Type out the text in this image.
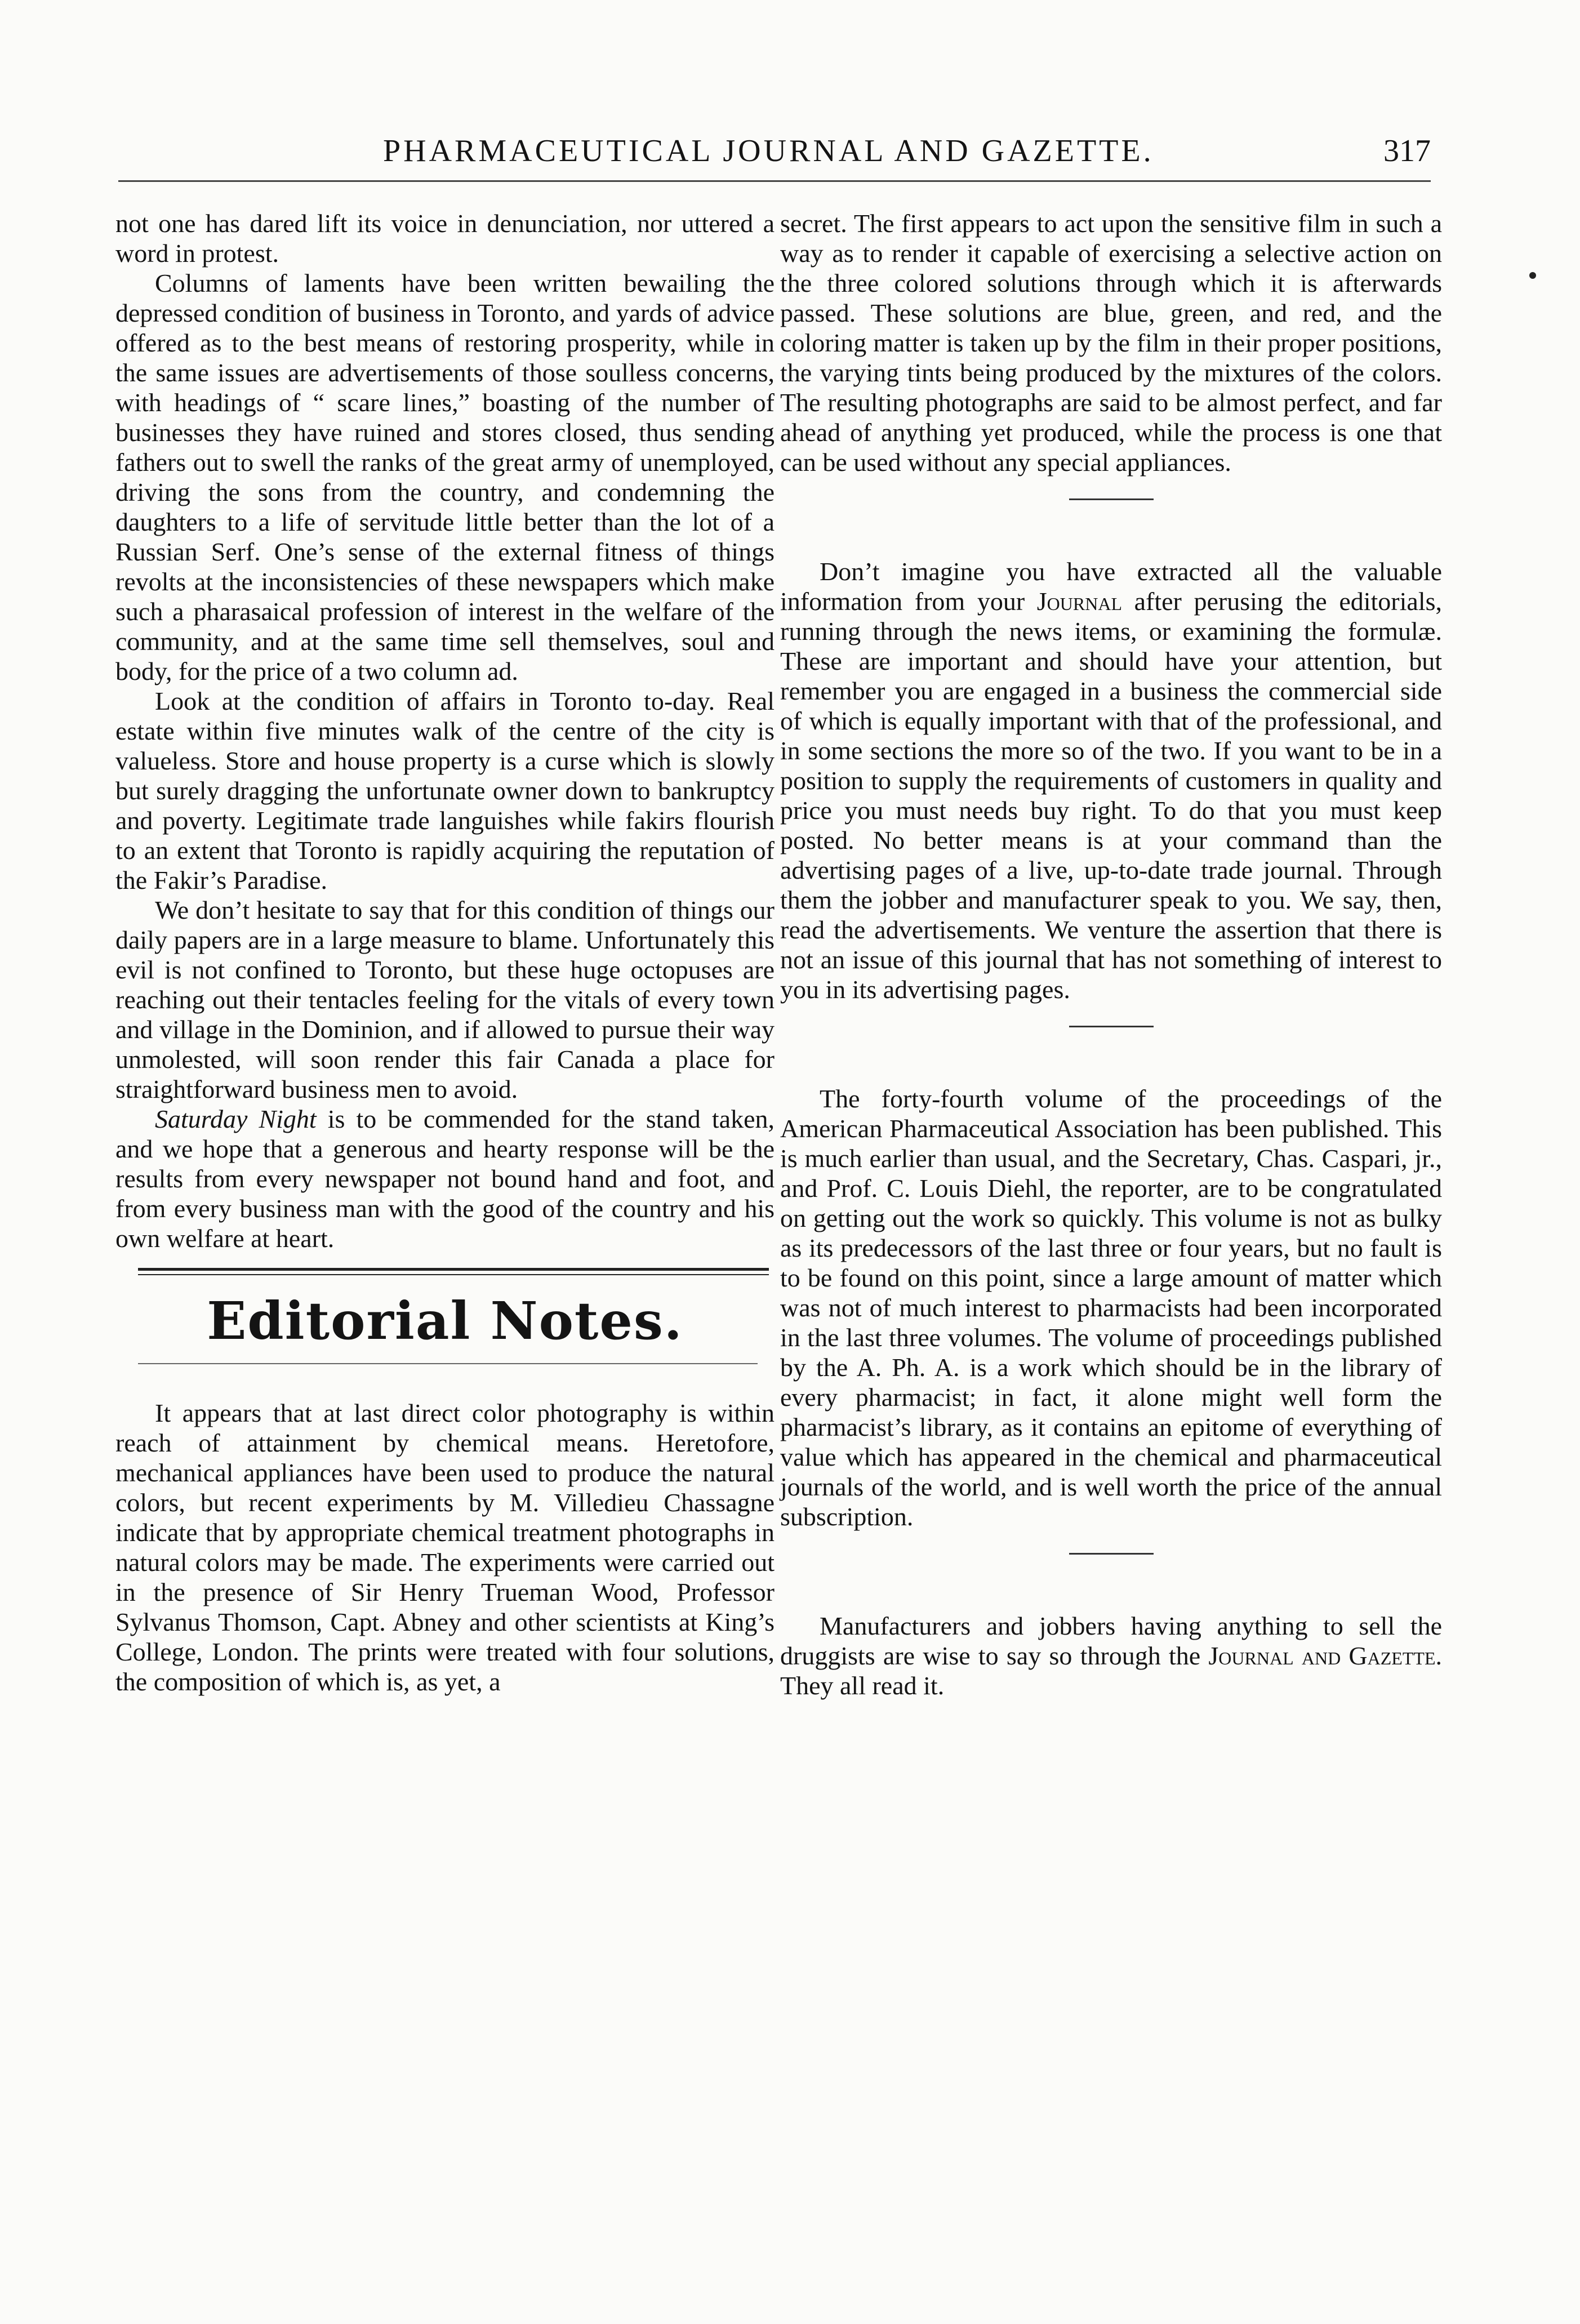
PHARMACEUTICAL JOURNAL AND GAZETTE.	317

not one has dared lift its voice in denunciation, nor uttered a word in protest.

Columns of laments have been written bewailing the depressed condition of business in Toronto, and yards of advice offered as to the best means of restoring prosperity, while in the same issues are advertisements of those soulless concerns, with headings of “ scare lines,” boasting of the number of businesses they have ruined and stores closed, thus sending fathers out to swell the ranks of the great army of unemployed, driving the sons from the country, and condemning the daughters to a life of servitude little better than the lot of a Russian Serf. One’s sense of the external fitness of things revolts at the inconsistencies of these newspapers which make such a pharasaical profession of interest in the welfare of the community, and at the same time sell themselves, soul and body, for the price of a two column ad.

Look at the condition of affairs in Toronto to-day. Real estate within five minutes walk of the centre of the city is valueless. Store and house property is a curse which is slowly but surely dragging the unfortunate owner down to bankruptcy and poverty. Legitimate trade languishes while fakirs flourish to an extent that Toronto is rapidly acquiring the reputation of the Fakir’s Paradise.

We don’t hesitate to say that for this condition of things our daily papers are in a large measure to blame. Unfortunately this evil is not confined to Toronto, but these huge octopuses are reaching out their tentacles feeling for the vitals of every town and village in the Dominion, and if allowed to pursue their way unmolested, will soon render this fair Canada a place for straightforward business men to avoid.

Saturday Night is to be commended for the stand taken, and we hope that a generous and hearty response will be the results from every newspaper not bound hand and foot, and from every business man with the good of the country and his own welfare at heart.

Editorial Notes.

It appears that at last direct color photography is within reach of attainment by chemical means. Heretofore, mechanical appliances have been used to produce the natural colors, but recent experiments by M. Villedieu Chassagne indicate that by appropriate chemical treatment photographs in natural colors may be made. The experiments were carried out in the presence of Sir Henry Trueman Wood, Professor Sylvanus Thomson, Capt. Abney and other scientists at King’s College, London. The prints were treated with four solutions, the composition of which is, as yet, a

secret. The first appears to act upon the sensitive film in such a way as to render it capable of exercising a selective action on the three colored solutions through which it is afterwards passed. These solutions are blue, green, and red, and the coloring matter is taken up by the film in their proper positions, the varying tints being produced by the mixtures of the colors. The resulting photographs are said to be almost perfect, and far ahead of anything yet produced, while the process is one that can be used without any special appliances.

Don’t imagine you have extracted all the valuable information from your Journal after perusing the editorials, running through the news items, or examining the formulæ. These are important and should have your attention, but remember you are engaged in a business the commercial side of which is equally important with that of the professional, and in some sections the more so of the two. If you want to be in a position to supply the requirements of customers in quality and price you must needs buy right. To do that you must keep posted. No better means is at your command than the advertising pages of a live, up-to-date trade journal. Through them the jobber and manufacturer speak to you. We say, then, read the advertisements. We venture the assertion that there is not an issue of this journal that has not something of interest to you in its advertising pages.

The forty-fourth volume of the proceedings of the American Pharmaceutical Association has been published. This is much earlier than usual, and the Secretary, Chas. Caspari, jr., and Prof. C. Louis Diehl, the reporter, are to be congratulated on getting out the work so quickly. This volume is not as bulky as its predecessors of the last three or four years, but no fault is to be found on this point, since a large amount of matter which was not of much interest to pharmacists had been incorporated in the last three volumes. The volume of proceedings published by the A. Ph. A. is a work which should be in the library of every pharmacist; in fact, it alone might well form the pharmacist’s library, as it contains an epitome of everything of value which has appeared in the chemical and pharmaceutical journals of the world, and is well worth the price of the annual subscription.

Manufacturers and jobbers having anything to sell the druggists are wise to say so through the Journal and Gazette. They all read it.
